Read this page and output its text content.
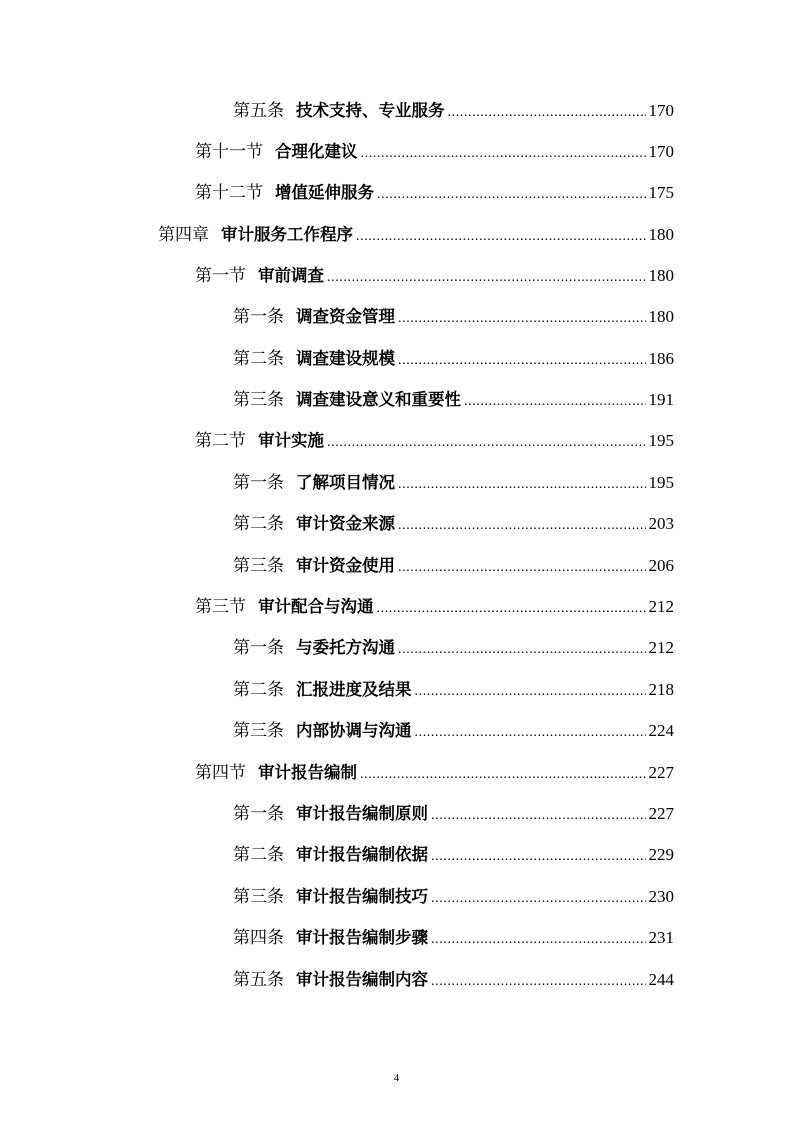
第五条 技术支持、专业服务 .....	170
第十一节 合理化建议 .....	170
第十二节 增值延伸服务 .....	175
第四章 审计服务工作程序 .....	180
第一节 审前调查 .....	180
第一条 调查资金管理 .....	180
第二条 调查建设规模 .....	186
第三条 调查建设意义和重要性 .....	191
第二节 审计实施 .....	195
第一条 了解项目情况 .....	195
第二条 审计资金来源 .....	203
第三条 审计资金使用 .....	206
第三节 审计配合与沟通 .....	212
第一条 与委托方沟通 .....	212
第二条 汇报进度及结果 .....	218
第三条 内部协调与沟通 .....	224
第四节 审计报告编制 .....	227
第一条 审计报告编制原则 .....	227
第二条 审计报告编制依据 .....	229
第三条 审计报告编制技巧 .....	230
第四条 审计报告编制步骤 .....	231
第五条 审计报告编制内容 .....	244
4
